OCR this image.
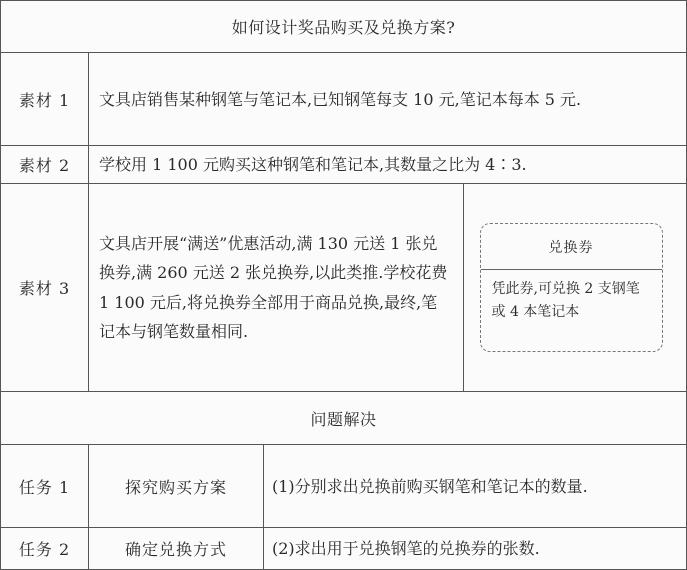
如何设计奖品购买及兑换方案?		
素材 1	文具店销售某种钢笔与笔记本,已知钢笔每支 10 元,笔记本每本 5 元.	
素材 2	学校用 1 100 元购买这种钢笔和笔记本,其数量之比为 4∶3.	
素材 3	文具店开展“满送”优惠活动,满 130 元送 1 张兑换券,满 260 元送 2 张兑换券,以此类推.学校花费 1 100 元后,将兑换券全部用于商品兑换,最终,笔记本与钢笔数量相同.
兑换券
凭此券,可兑换 2 支钢笔或 4 本笔记本	

问题解决		
任务 1	探究购买方案	(1)分别求出兑换前购买钢笔和笔记本的数量.
任务 2	确定兑换方式	(2)求出用于兑换钢笔的兑换券的张数.
